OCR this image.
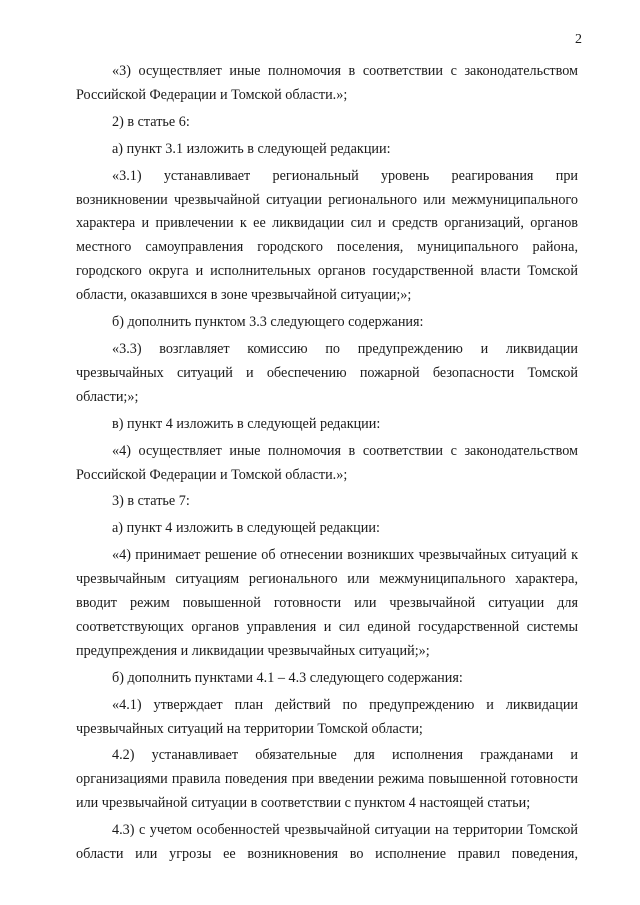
2

«3) осуществляет иные полномочия в соответствии с законодательством Российской Федерации и Томской области.»;

2) в статье 6:

а) пункт 3.1 изложить в следующей редакции:

«3.1) устанавливает региональный уровень реагирования при возникновении чрезвычайной ситуации регионального или межмуниципального характера и привлечении к ее ликвидации сил и средств организаций, органов местного самоуправления городского поселения, муниципального района, городского округа и исполнительных органов государственной власти Томской области, оказавшихся в зоне чрезвычайной ситуации;»;

б) дополнить пунктом 3.3 следующего содержания:

«3.3) возглавляет комиссию по предупреждению и ликвидации чрезвычайных ситуаций и обеспечению пожарной безопасности Томской области;»;

в) пункт 4 изложить в следующей редакции:

«4) осуществляет иные полномочия в соответствии с законодательством Российской Федерации и Томской области.»;

3) в статье 7:

а) пункт 4 изложить в следующей редакции:

«4) принимает решение об отнесении возникших чрезвычайных ситуаций к чрезвычайным ситуациям регионального или межмуниципального характера, вводит режим повышенной готовности или чрезвычайной ситуации для соответствующих органов управления и сил единой государственной системы предупреждения и ликвидации чрезвычайных ситуаций;»;

б) дополнить пунктами 4.1 – 4.3 следующего содержания:

«4.1) утверждает план действий по предупреждению и ликвидации чрезвычайных ситуаций на территории Томской области;

4.2) устанавливает обязательные для исполнения гражданами и организациями правила поведения при введении режима повышенной готовности или чрезвычайной ситуации в соответствии с пунктом 4 настоящей статьи;

4.3) с учетом особенностей чрезвычайной ситуации на территории Томской области или угрозы ее возникновения во исполнение правил поведения,
